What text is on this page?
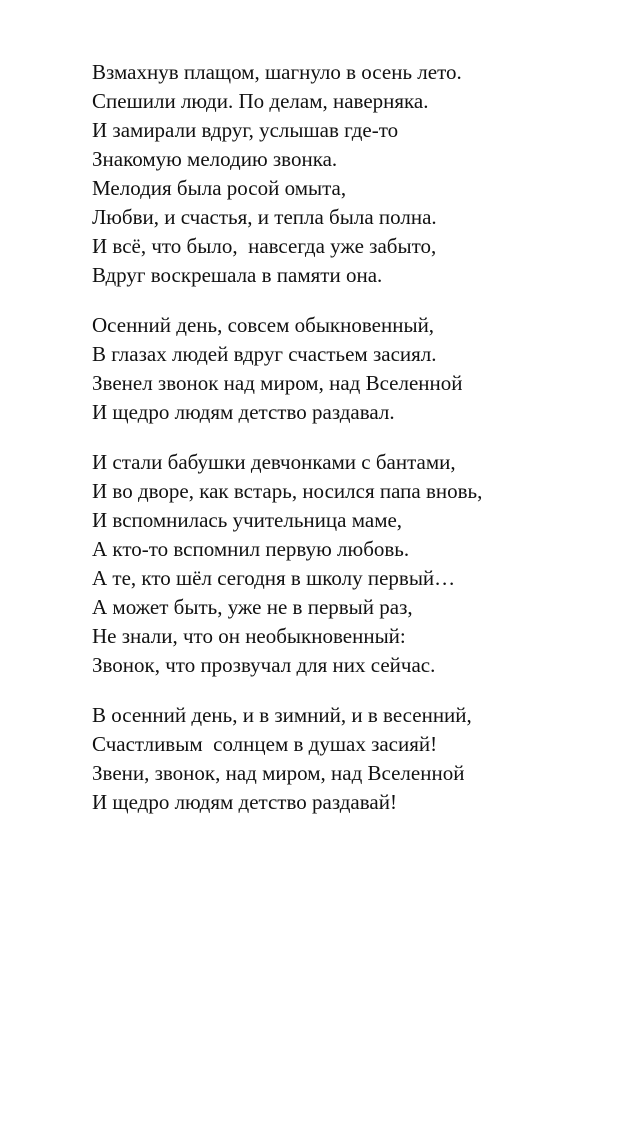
Взмахнув плащом, шагнуло в осень лето.
Спешили люди. По делам, наверняка.
И замирали вдруг, услышав где-то
Знакомую мелодию звонка.
Мелодия была росой омыта,
Любви, и счастья, и тепла была полна.
И всё, что было,  навсегда уже забыто,
Вдруг воскрешала в памяти она.
Осенний день, совсем обыкновенный,
В глазах людей вдруг счастьем засиял.
Звенел звонок над миром, над Вселенной
И щедро людям детство раздавал.
И стали бабушки девчонками с бантами,
И во дворе, как встарь, носился папа вновь,
И вспомнилась учительница маме,
А кто-то вспомнил первую любовь.
А те, кто шёл сегодня в школу первый…
А может быть, уже не в первый раз,
Не знали, что он необыкновенный:
Звонок, что прозвучал для них сейчас.
В осенний день, и в зимний, и в весенний,
Счастливым  солнцем в душах засияй!
Звени, звонок, над миром, над Вселенной
И щедро людям детство раздавай!
